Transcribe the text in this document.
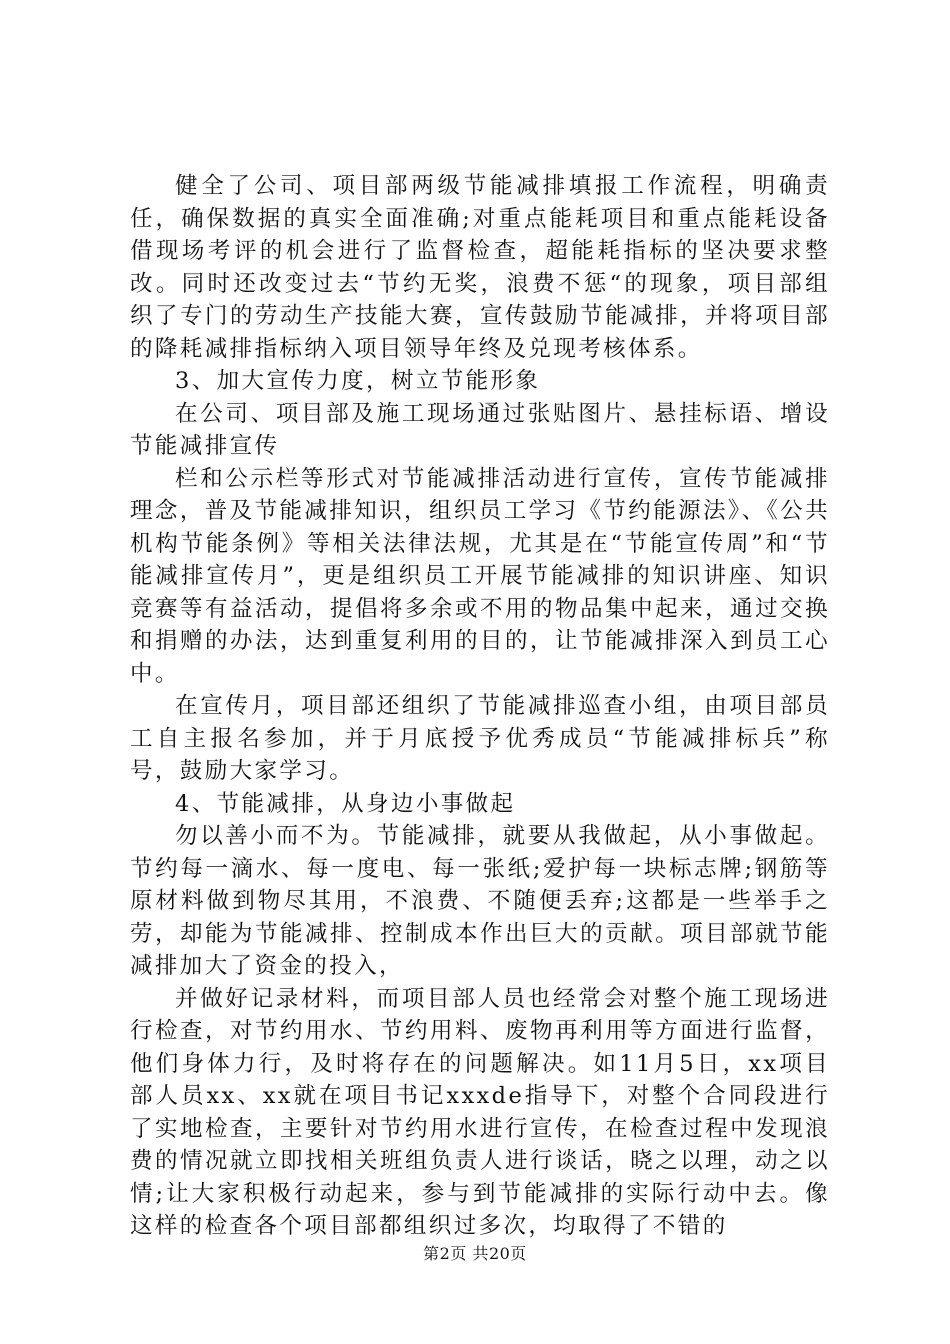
健全了公司、项目部两级节能减排填报工作流程，明确责任，确保数据的真实全面准确;对重点能耗项目和重点能耗设备借现场考评的机会进行了监督检查，超能耗指标的坚决要求整改。同时还改变过去“节约无奖，浪费不惩“的现象，项目部组织了专门的劳动生产技能大赛，宣传鼓励节能减排，并将项目部的降耗减排指标纳入项目领导年终及兑现考核体系。

3、加大宣传力度，树立节能形象

在公司、项目部及施工现场通过张贴图片、悬挂标语、增设节能减排宣传

栏和公示栏等形式对节能减排活动进行宣传，宣传节能减排理念，普及节能减排知识，组织员工学习《节约能源法》、《公共机构节能条例》等相关法律法规，尤其是在“节能宣传周”和“节能减排宣传月”，更是组织员工开展节能减排的知识讲座、知识竞赛等有益活动，提倡将多余或不用的物品集中起来，通过交换和捐赠的办法，达到重复利用的目的，让节能减排深入到员工心中。

在宣传月，项目部还组织了节能减排巡查小组，由项目部员工自主报名参加，并于月底授予优秀成员“节能减排标兵”称号，鼓励大家学习。

4、节能减排，从身边小事做起

勿以善小而不为。节能减排，就要从我做起，从小事做起。节约每一滴水、每一度电、每一张纸;爱护每一块标志牌;钢筋等原材料做到物尽其用，不浪费、不随便丢弃;这都是一些举手之劳，却能为节能减排、控制成本作出巨大的贡献。项目部就节能减排加大了资金的投入，

并做好记录材料，而项目部人员也经常会对整个施工现场进行检查，对节约用水、节约用料、废物再利用等方面进行监督，他们身体力行，及时将存在的问题解决。如11月5日，xx项目部人员xx、xx就在项目书记xxxde指导下，对整个合同段进行了实地检查，主要针对节约用水进行宣传，在检查过程中发现浪费的情况就立即找相关班组负责人进行谈话，晓之以理，动之以情;让大家积极行动起来，参与到节能减排的实际行动中去。像这样的检查各个项目部都组织过多次，均取得了不错的

第2页 共20页
